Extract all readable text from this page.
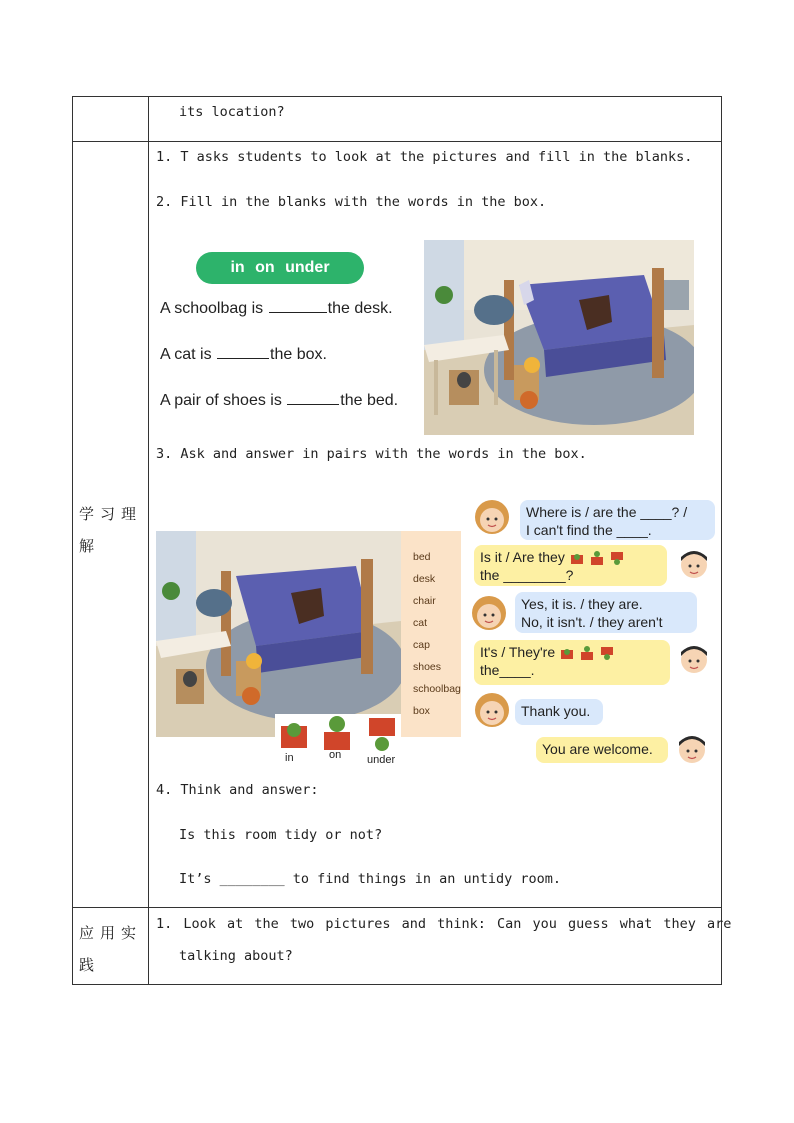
its location?
学习理解
1. T asks students to look at the pictures and fill in the blanks.
2. Fill in the blanks with the words in the box.
in on under
A schoolbag is	the desk.
A cat is	the box.
A pair of shoes is	the bed.
3. Ask and answer in pairs with the words in the box.
bed
desk
chair
cat
cap
shoes
schoolbag
box
in	on under
Where is / are the ____? /
I can't find the ____.
Is it / Are they
the ________?
Yes, it is. / they are.
No, it isn't. / they aren't
It's / They're
the____.
Thank you.
You are welcome.
4. Think and answer:
Is this room tidy or not?
It’s ________ to find things in an untidy room.
应用实践
1. Look at the two pictures and think: Can you guess what they are
talking about?
